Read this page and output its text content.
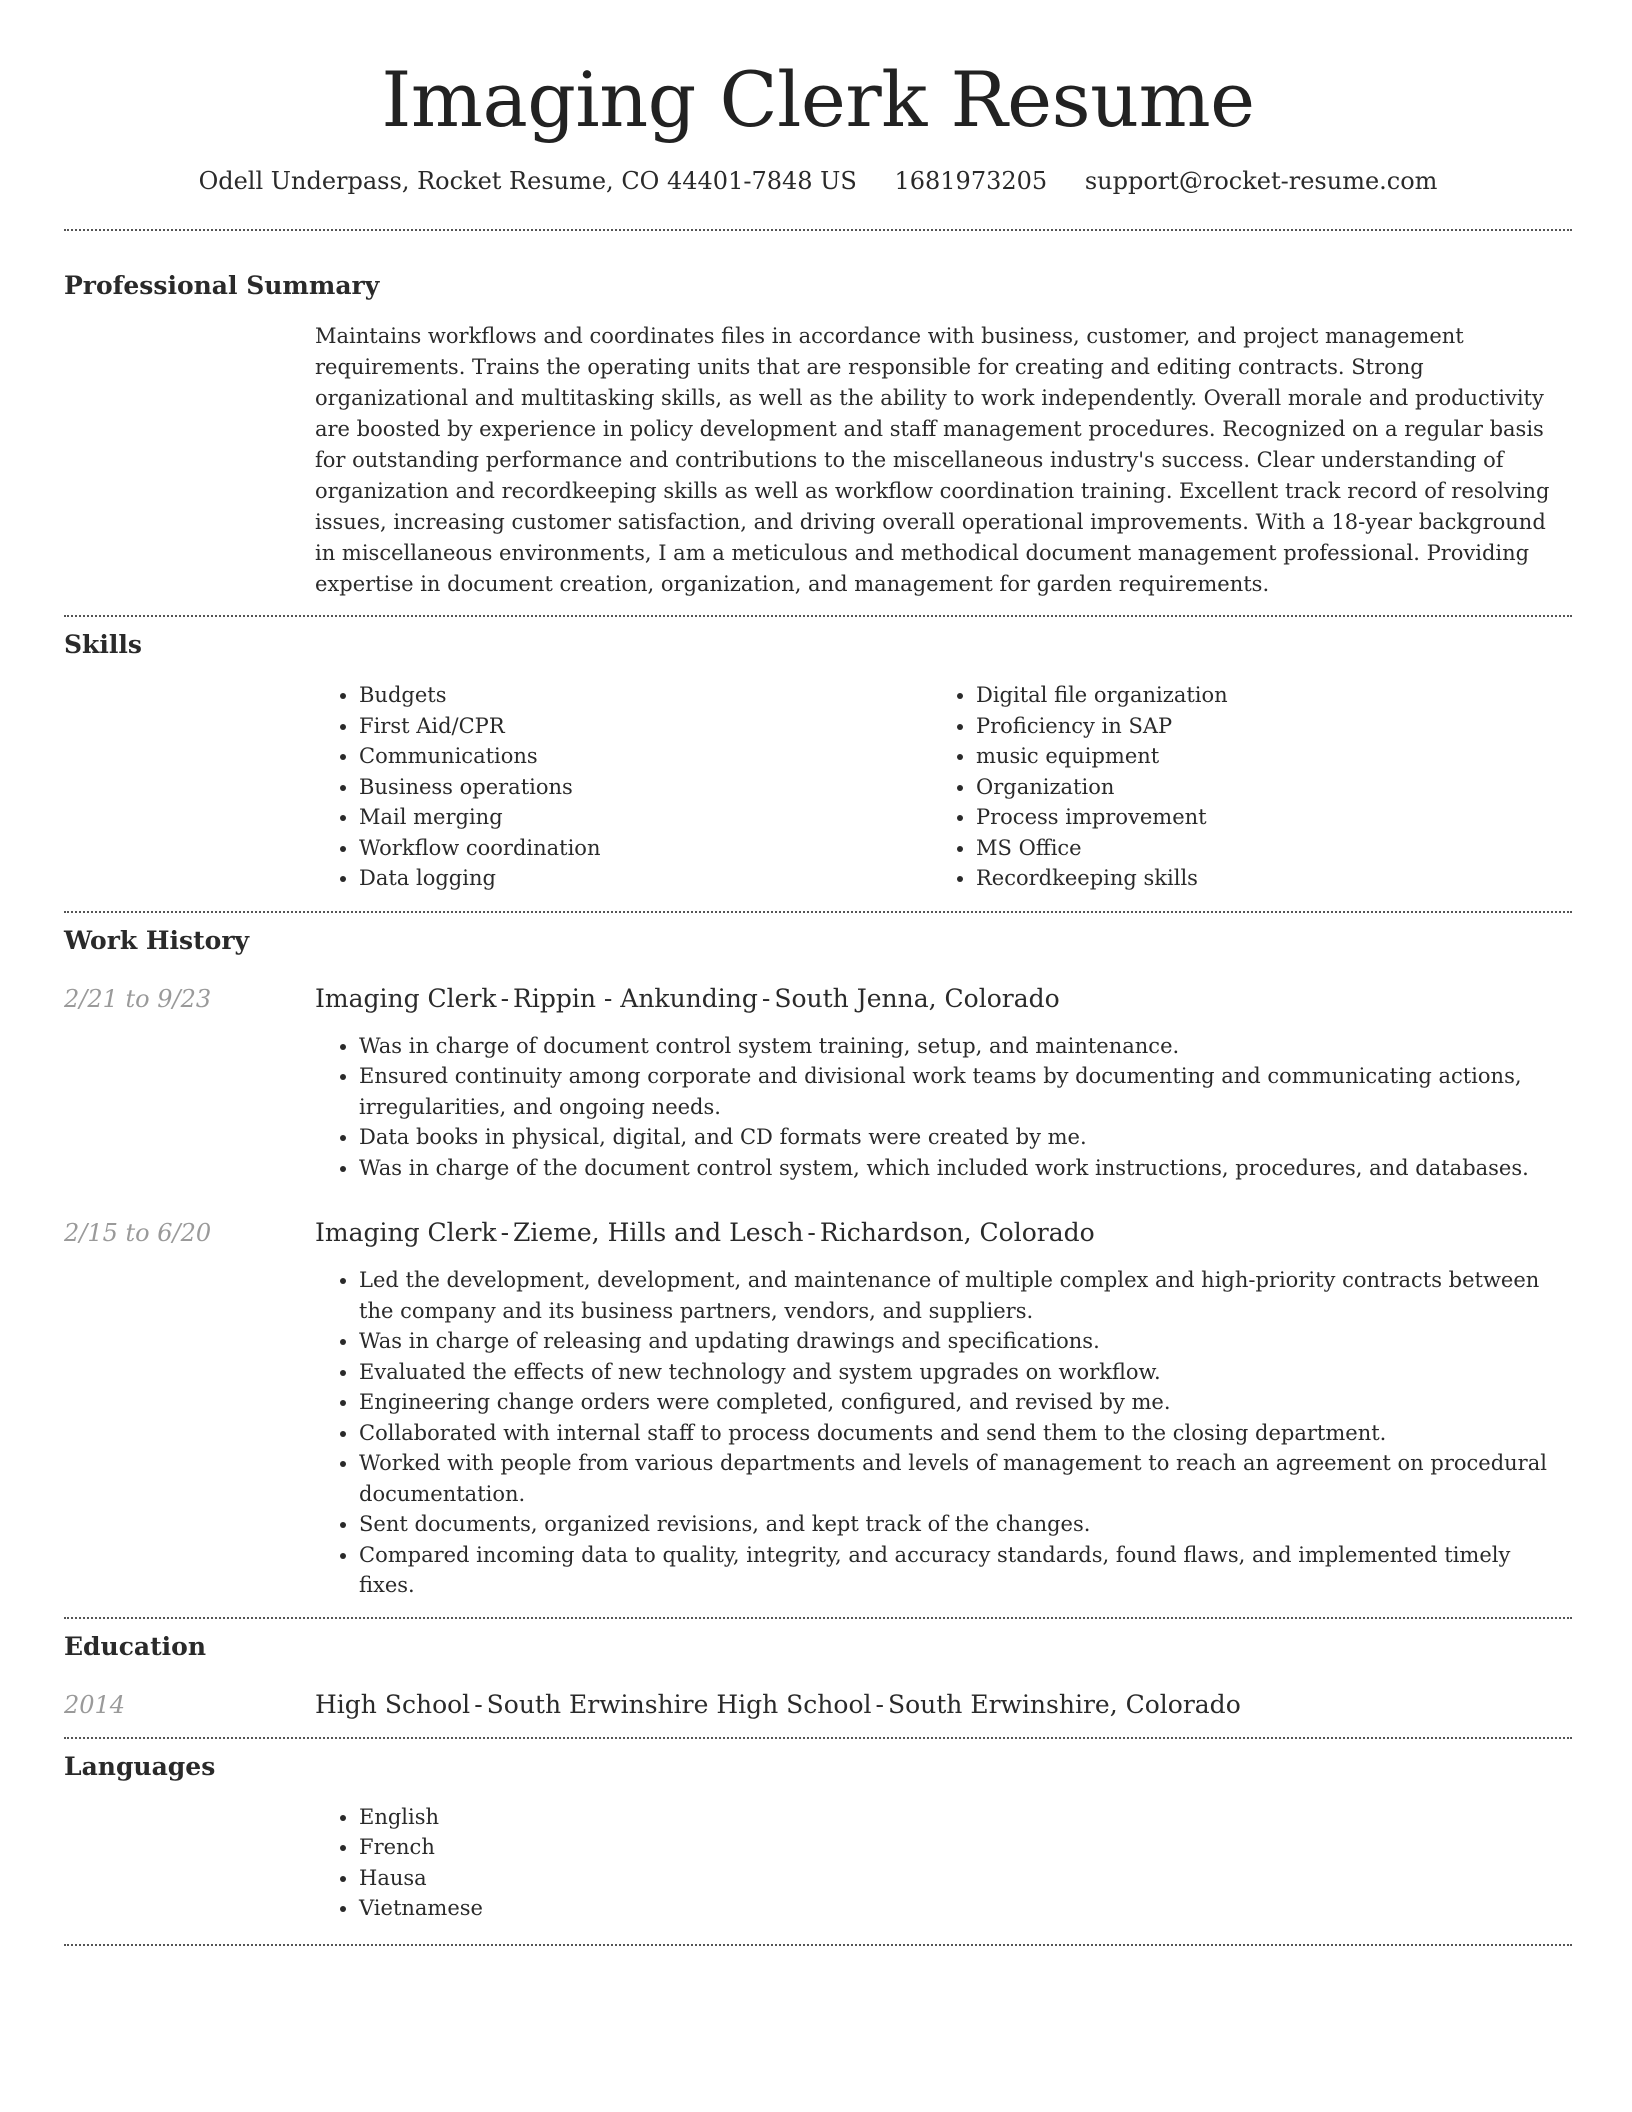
Imaging Clerk Resume
Odell Underpass, Rocket Resume, CO 44401-7848 US 1681973205 support@rocket-resume.com
Professional Summary

Maintains workflows and coordinates files in accordance with business, customer, and project management requirements. Trains the operating units that are responsible for creating and editing contracts. Strong organizational and multitasking skills, as well as the ability to work independently. Overall morale and productivity are boosted by experience in policy development and staff management procedures. Recognized on a regular basis for outstanding performance and contributions to the miscellaneous industry's success. Clear understanding of organization and recordkeeping skills as well as workflow coordination training. Excellent track record of resolving issues, increasing customer satisfaction, and driving overall operational improvements. With a 18-year background in miscellaneous environments, I am a meticulous and methodical document management professional. Providing expertise in document creation, organization, and management for garden requirements.

Skills
• Budgets
• First Aid/CPR
• Communications
• Business operations
• Mail merging
• Workflow coordination
• Data logging
• Digital file organization
• Proficiency in SAP
• music equipment
• Organization
• Process improvement
• MS Office
• Recordkeeping skills
Work History
2/21 to 9/23	Imaging Clerk - Rippin - Ankunding - South Jenna, Colorado
• Was in charge of document control system training, setup, and maintenance.
• Ensured continuity among corporate and divisional work teams by documenting and communicating actions, irregularities, and ongoing needs.
• Data books in physical, digital, and CD formats were created by me.
• Was in charge of the document control system, which included work instructions, procedures, and databases.
2/15 to 6/20	Imaging Clerk - Zieme, Hills and Lesch - Richardson, Colorado
• Led the development, development, and maintenance of multiple complex and high-priority contracts between the company and its business partners, vendors, and suppliers.
• Was in charge of releasing and updating drawings and specifications.
• Evaluated the effects of new technology and system upgrades on workflow.
• Engineering change orders were completed, configured, and revised by me.
• Collaborated with internal staff to process documents and send them to the closing department.
• Worked with people from various departments and levels of management to reach an agreement on procedural documentation.
• Sent documents, organized revisions, and kept track of the changes.
• Compared incoming data to quality, integrity, and accuracy standards, found flaws, and implemented timely fixes.
Education
2014	High School - South Erwinshire High School - South Erwinshire, Colorado
Languages
• English
• French
• Hausa
• Vietnamese
